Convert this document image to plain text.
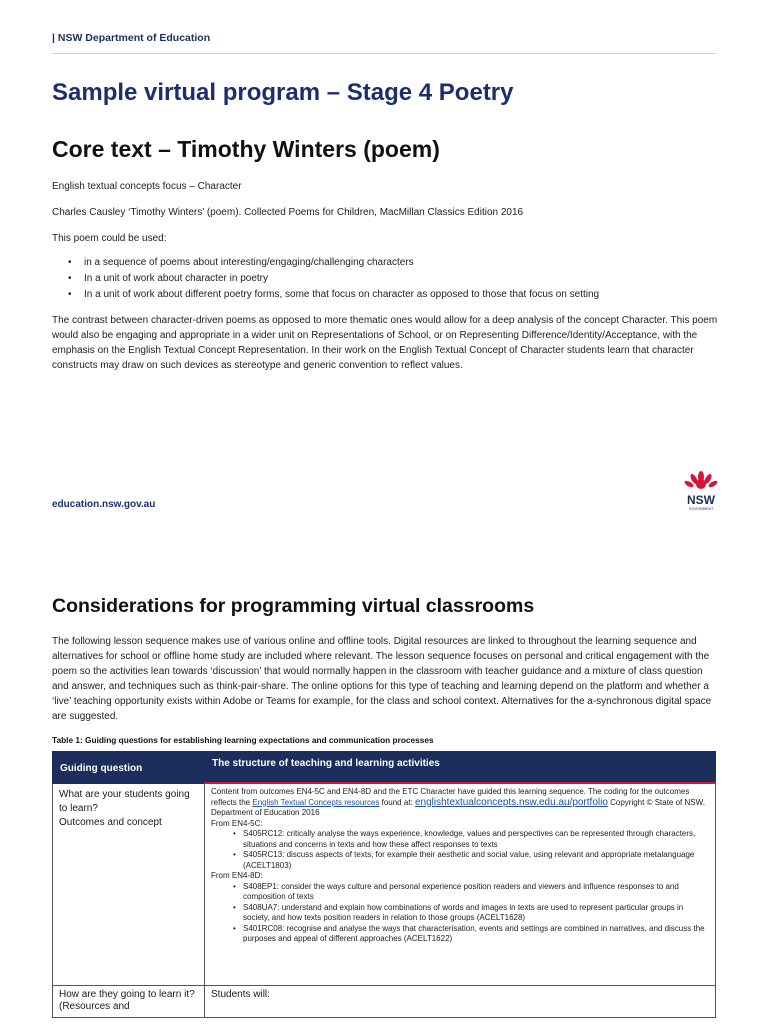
| NSW Department of Education
Sample virtual program – Stage 4 Poetry
Core text – Timothy Winters (poem)

English textual concepts focus – Character

Charles Causley ‘Timothy Winters’ (poem). Collected Poems for Children, MacMillan Classics Edition 2016

This poem could be used:

• in a sequence of poems about interesting/engaging/challenging characters
• In a unit of work about character in poetry
• In a unit of work about different poetry forms, some that focus on character as opposed to those that focus on setting

The contrast between character-driven poems as opposed to more thematic ones would allow for a deep analysis of the concept Character. This poem would also be engaging and appropriate in a wider unit on Representations of School, or on Representing Difference/Identity/Acceptance, with the emphasis on the English Textual Concept Representation. In their work on the English Textual Concept of Character students learn that character constructs may draw on such devices as stereotype and generic convention to reflect values.

education.nsw.gov.au	NSW
GOVERNMENT
Considerations for programming virtual classrooms

The following lesson sequence makes use of various online and offline tools. Digital resources are linked to throughout the learning sequence and alternatives for school or offline home study are included where relevant. The lesson sequence focuses on personal and critical engagement with the poem so the activities lean towards ‘discussion’ that would normally happen in the classroom with teacher guidance and a mixture of class question and answer, and techniques such as think-pair-share. The online options for this type of teaching and learning depend on the platform and whether a ‘live’ teaching opportunity exists within Adobe or Teams for example, for the class and school context. Alternatives for the a-synchronous digital space are suggested.

Table 1: Guiding questions for establishing learning expectations and communication processes
Guiding question	The structure of teaching and learning activities
What are your students going to learn?
Outcomes and concept
Content from outcomes EN4-5C and EN4-8D and the ETC Character have guided this learning sequence. The coding for the outcomes reflects the English Textual Concepts resources found at: englishtextualconcepts.nsw.edu.au/portfolio Copyright © State of NSW, Department of Education 2016
From EN4-5C:
• S405RC12: critically analyse the ways experience, knowledge, values and perspectives can be represented through characters, situations and concerns in texts and how these affect responses to texts
• S405RC13: discuss aspects of texts, for example their aesthetic and social value, using relevant and appropriate metalanguage (ACELT1803)
From EN4-8D:
• S408EP1: consider the ways culture and personal experience position readers and viewers and influence responses to and composition of texts
• S408UA7: understand and explain how combinations of words and images in texts are used to represent particular groups in society, and how texts position readers in relation to those groups (ACELT1628)
• S401RC08: recognise and analyse the ways that characterisation, events and settings are combined in narratives, and discuss the purposes and appeal of different approaches (ACELT1622)
How are they going to learn it? (Resources and
Students will:
